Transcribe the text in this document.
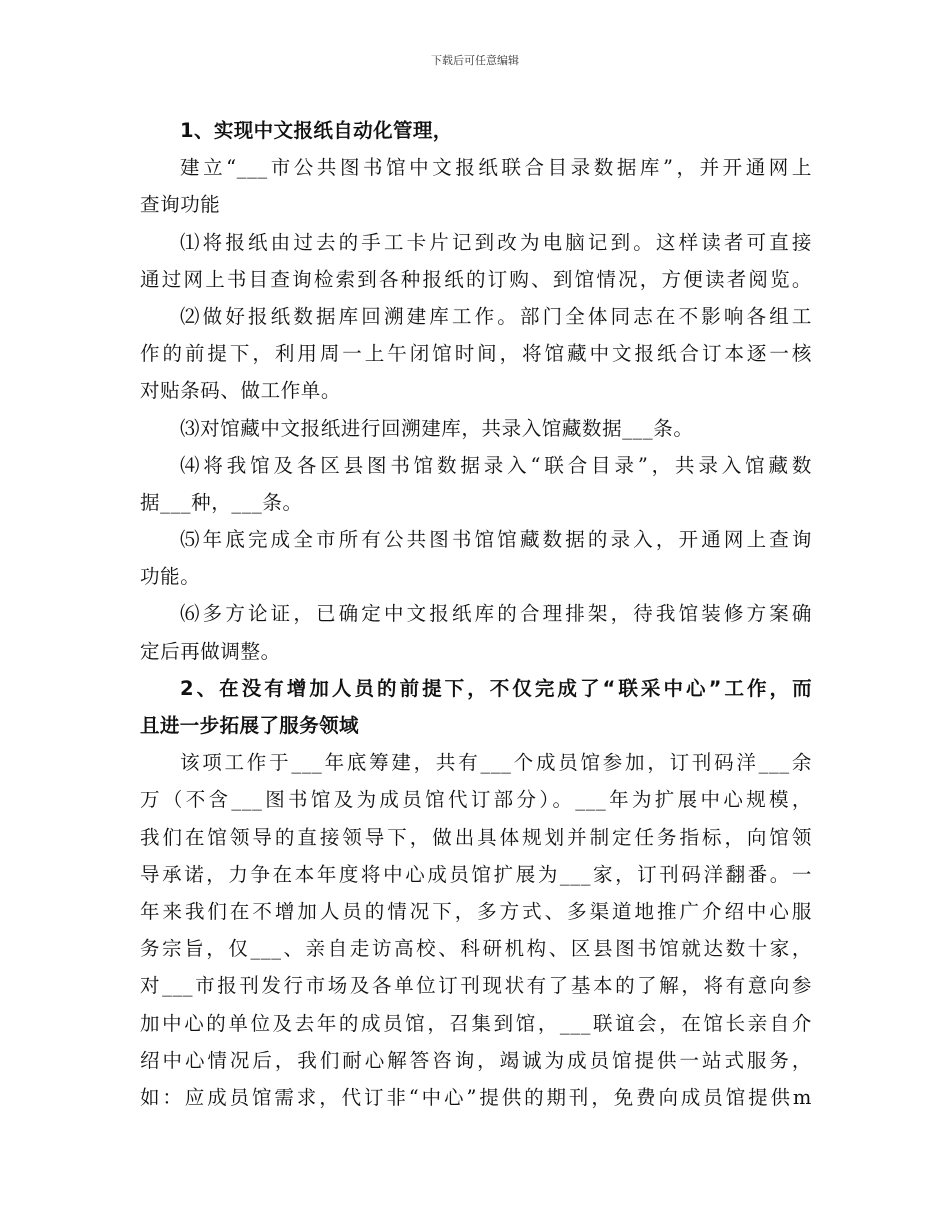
下载后可任意编辑
1、实现中文报纸自动化管理，
建立“___市公共图书馆中文报纸联合目录数据库”，并开通网上
查询功能
⑴将报纸由过去的手工卡片记到改为电脑记到。这样读者可直接
通过网上书目查询检索到各种报纸的订购、到馆情况，方便读者阅览。
⑵做好报纸数据库回溯建库工作。部门全体同志在不影响各组工
作的前提下，利用周一上午闭馆时间，将馆藏中文报纸合订本逐一核
对贴条码、做工作单。
⑶对馆藏中文报纸进行回溯建库，共录入馆藏数据___条。
⑷将我馆及各区县图书馆数据录入“联合目录”，共录入馆藏数
据___种，___条。
⑸年底完成全市所有公共图书馆馆藏数据的录入，开通网上查询
功能。
⑹多方论证，已确定中文报纸库的合理排架，待我馆装修方案确
定后再做调整。
2、在没有增加人员的前提下，不仅完成了“联采中心”工作，而
且进一步拓展了服务领域
该项工作于___年底筹建，共有___个成员馆参加，订刊码洋___余
万（不含___图书馆及为成员馆代订部分）。___年为扩展中心规模，
我们在馆领导的直接领导下，做出具体规划并制定任务指标，向馆领
导承诺，力争在本年度将中心成员馆扩展为___家，订刊码洋翻番。一
年来我们在不增加人员的情况下，多方式、多渠道地推广介绍中心服
务宗旨，仅___、亲自走访高校、科研机构、区县图书馆就达数十家，
对___市报刊发行市场及各单位订刊现状有了基本的了解，将有意向参
加中心的单位及去年的成员馆，召集到馆，___联谊会，在馆长亲自介
绍中心情况后，我们耐心解答咨询，竭诚为成员馆提供一站式服务，
如：应成员馆需求，代订非“中心”提供的期刊，免费向成员馆提供m
